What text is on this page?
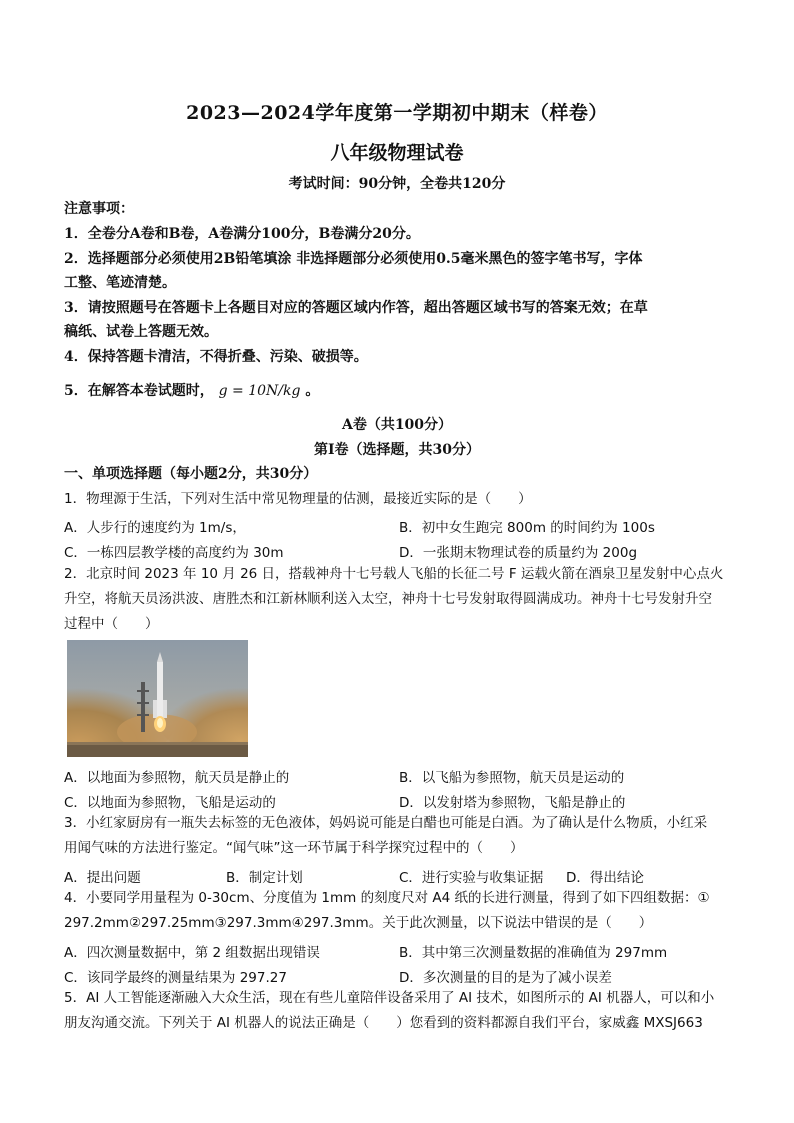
2023—2024学年度第一学期初中期末（样卷）
八年级物理试卷
考试时间：90分钟，全卷共120分
注意事项：
1．全卷分A卷和B卷，A卷满分100分，B卷满分20分。
2．选择题部分必须使用2B铅笔填涂 非选择题部分必须使用0.5毫米黑色的签字笔书写，字体
工整、笔迹清楚。
3．请按照题号在答题卡上各题目对应的答题区域内作答，超出答题区域书写的答案无效；在草
稿纸、试卷上答题无效。
4．保持答题卡清洁，不得折叠、污染、破损等。
5．在解答本卷试题时， g = 10N/kg 。
A卷（共100分）
第Ⅰ卷（选择题，共30分）
一、单项选择题（每小题2分，共30分）
1．物理源于生活，下列对生活中常见物理量的估测，最接近实际的是（　　）
A．人步行的速度约为 1m/s，	B．初中女生跑完 800m 的时间约为 100s
C．一栋四层教学楼的高度约为 30m	D．一张期末物理试卷的质量约为 200g
2．北京时间 2023 年 10 月 26 日，搭载神舟十七号载人飞船的长征二号 F 运载火箭在酒泉卫星发射中心点火
升空，将航天员汤洪波、唐胜杰和江新林顺利送入太空，神舟十七号发射取得圆满成功。神舟十七号发射升空
过程中（　　）
A．以地面为参照物，航天员是静止的	B．以飞船为参照物，航天员是运动的
C．以地面为参照物，飞船是运动的	D．以发射塔为参照物，飞船是静止的
3．小红家厨房有一瓶失去标签的无色液体，妈妈说可能是白醋也可能是白酒。为了确认是什么物质，小红采
用闻气味的方法进行鉴定。“闻气味”这一环节属于科学探究过程中的（　　）
A．提出问题	B．制定计划	C．进行实验与收集证据 D．得出结论
4．小要同学用量程为 0-30cm、分度值为 1mm 的刻度尺对 A4 纸的长进行测量，得到了如下四组数据：①
297.2mm②297.25mm③297.3mm④297.3mm。关于此次测量，以下说法中错误的是（　　）
A．四次测量数据中，第 2 组数据出现错误	B．其中第三次测量数据的准确值为 297mm
C．该同学最终的测量结果为 297.27	D．多次测量的目的是为了减小误差
5．AI 人工智能逐渐融入大众生活，现在有些儿童陪伴设备采用了 AI 技术，如图所示的 AI 机器人，可以和小
朋友沟通交流。下列关于 AI 机器人的说法正确是（　　）您看到的资料都源自我们平台，家威鑫 MXSJ663
